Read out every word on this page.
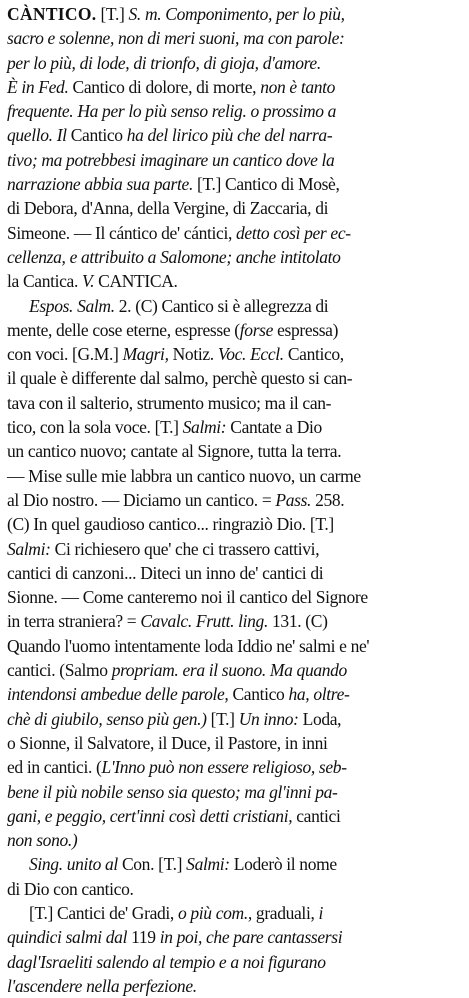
CÀNTICO. [T.] S. m. Componimento, per lo più,
sacro e solenne, non di meri suoni, ma con parole:
per lo più, di lode, di trionfo, di gioja, d'amore.
È in Fed. Cantico di dolore, di morte, non è tanto
frequente. Ha per lo più senso relig. o prossimo a
quello. Il Cantico ha del lirico più che del narra-
tivo; ma potrebbesi imaginare un cantico dove la
narrazione abbia sua parte. [T.] Cantico di Mosè,
di Debora, d'Anna, della Vergine, di Zaccaria, di
Simeone. — Il cántico de' cántici, detto così per ec-
cellenza, e attribuito a Salomone; anche intitolato
la Cantica. V. CANTICA.
Espos. Salm. 2. (C) Cantico si è allegrezza di
mente, delle cose eterne, espresse (forse espressa)
con voci. [G.M.] Magri, Notiz. Voc. Eccl. Cantico,
il quale è differente dal salmo, perchè questo si can-
tava con il salterio, strumento musico; ma il can-
tico, con la sola voce. [T.] Salmi: Cantate a Dio
un cantico nuovo; cantate al Signore, tutta la terra.
— Mise sulle mie labbra un cantico nuovo, un carme
al Dio nostro. — Diciamo un cantico. = Pass. 258.
(C) In quel gaudioso cantico... ringraziò Dio. [T.]
Salmi: Ci richiesero que' che ci trassero cattivi,
cantici di canzoni... Diteci un inno de' cantici di
Sionne. — Come canteremo noi il cantico del Signore
in terra straniera? = Cavalc. Frutt. ling. 131. (C)
Quando l'uomo intentamente loda Iddio ne' salmi e ne'
cantici. (Salmo propriam. era il suono. Ma quando
intendonsi ambedue delle parole, Cantico ha, oltre-
chè di giubilo, senso più gen.) [T.] Un inno: Loda,
o Sionne, il Salvatore, il Duce, il Pastore, in inni
ed in cantici. (L'Inno può non essere religioso, seb-
bene il più nobile senso sia questo; ma gl'inni pa-
gani, e peggio, cert'inni così detti cristiani, cantici
non sono.)
Sing. unito al Con. [T.] Salmi: Loderò il nome
di Dio con cantico.
[T.] Cantici de' Gradi, o più com., graduali, i
quindici salmi dal 119 in poi, che pare cantassersi
dagl'Israeliti salendo al tempio e a noi figurano
l'ascendere nella perfezione.
